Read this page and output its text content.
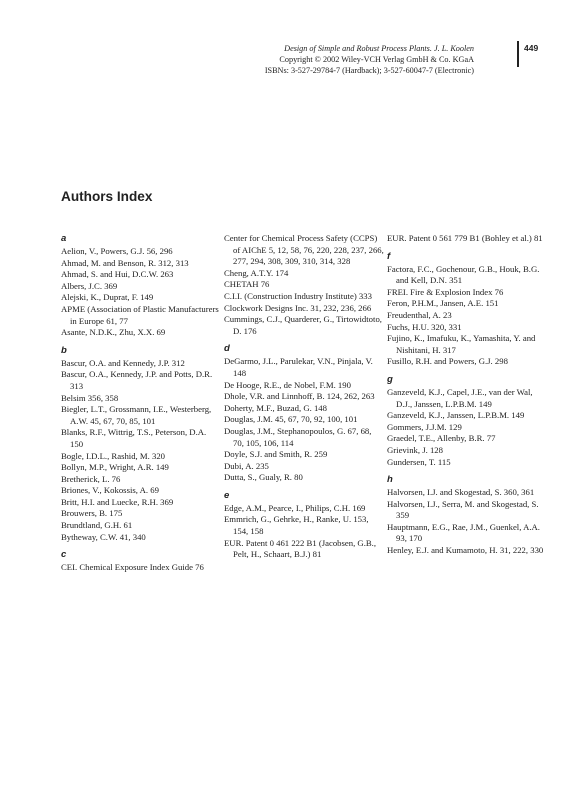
Design of Simple and Robust Process Plants. J. L. Koolen
Copyright © 2002 Wiley-VCH Verlag GmbH & Co. KGaA
ISBNs: 3-527-29784-7 (Hardback); 3-527-60047-7 (Electronic)
449
Authors Index
a
Aelion, V., Powers, G.J. 56, 296
Ahmad, M. and Benson, R. 312, 313
Ahmad, S. and Hui, D.C.W. 263
Albers, J.C. 369
Alejski, K., Duprat, F. 149
APME (Association of Plastic Manufacturers in Europe 61, 77
Asante, N.D.K., Zhu, X.X. 69
b
Bascur, O.A. and Kennedy, J.P. 312
Bascur, O.A., Kennedy, J.P. and Potts, D.R. 313
Belsim 356, 358
Biegler, L.T., Grossmann, I.E., Westerberg, A.W. 45, 67, 70, 85, 101
Blanks, R.F., Wittrig, T.S., Peterson, D.A. 150
Bogle, I.D.L., Rashid, M. 320
Bollyn, M.P., Wright, A.R. 149
Bretherick, L. 76
Briones, V., Kokossis, A. 69
Britt, H.I. and Luecke, R.H. 369
Brouwers, B. 175
Brundtland, G.H. 61
Bytheway, C.W. 41, 340
c
CEI. Chemical Exposure Index Guide 76
Center for Chemical Process Safety (CCPS) of AIChE 5, 12, 58, 76, 220, 228, 237, 266, 277, 294, 308, 309, 310, 314, 328
Cheng, A.T.Y. 174
CHETAH 76
C.I.I. (Construction Industry Institute) 333
Clockwork Designs Inc. 31, 232, 236, 266
Cummings, C.J., Quarderer, G., Tirtowidtoto, D. 176
d
DeGarmo, J.L., Parulekar, V.N., Pinjala, V. 148
De Hooge, R.E., de Nobel, F.M. 190
Dhole, V.R. and Linnhoff, B. 124, 262, 263
Doherty, M.F., Buzad, G. 148
Douglas, J.M. 45, 67, 70, 92, 100, 101
Douglas, J.M., Stephanopoulos, G. 67, 68, 70, 105, 106, 114
Doyle, S.J. and Smith, R. 259
Dubi, A. 235
Dutta, S., Gualy, R. 80
e
Edge, A.M., Pearce, I., Philips, C.H. 169
Emmrich, G., Gehrke, H., Ranke, U. 153, 154, 158
EUR. Patent 0 461 222 B1 (Jacobsen, G.B., Pelt, H., Schaart, B.J.) 81
EUR. Patent 0 561 779 B1 (Bohley et al.) 81
f
Factora, F.C., Gochenour, G.B., Houk, B.G. and Kell, D.N. 351
FREI. Fire & Explosion Index 76
Feron, P.H.M., Jansen, A.E. 151
Freudenthal, A. 23
Fuchs, H.U. 320, 331
Fujino, K., Imafuku, K., Yamashita, Y. and Nishitani, H. 317
Fusillo, R.H. and Powers, G.J. 298
g
Ganzeveld, K.J., Capel, J.E., van der Wal, D.J., Janssen, L.P.B.M. 149
Ganzeveld, K.J., Janssen, L.P.B.M. 149
Gommers, J.J.M. 129
Graedel, T.E., Allenby, B.R. 77
Grievink, J. 128
Gundersen, T. 115
h
Halvorsen, I.J. and Skogestad, S. 360, 361
Halvorsen, I.J., Serra, M. and Skogestad, S. 359
Hauptmann, E.G., Rae, J.M., Guenkel, A.A. 93, 170
Henley, E.J. and Kumamoto, H. 31, 222, 330
